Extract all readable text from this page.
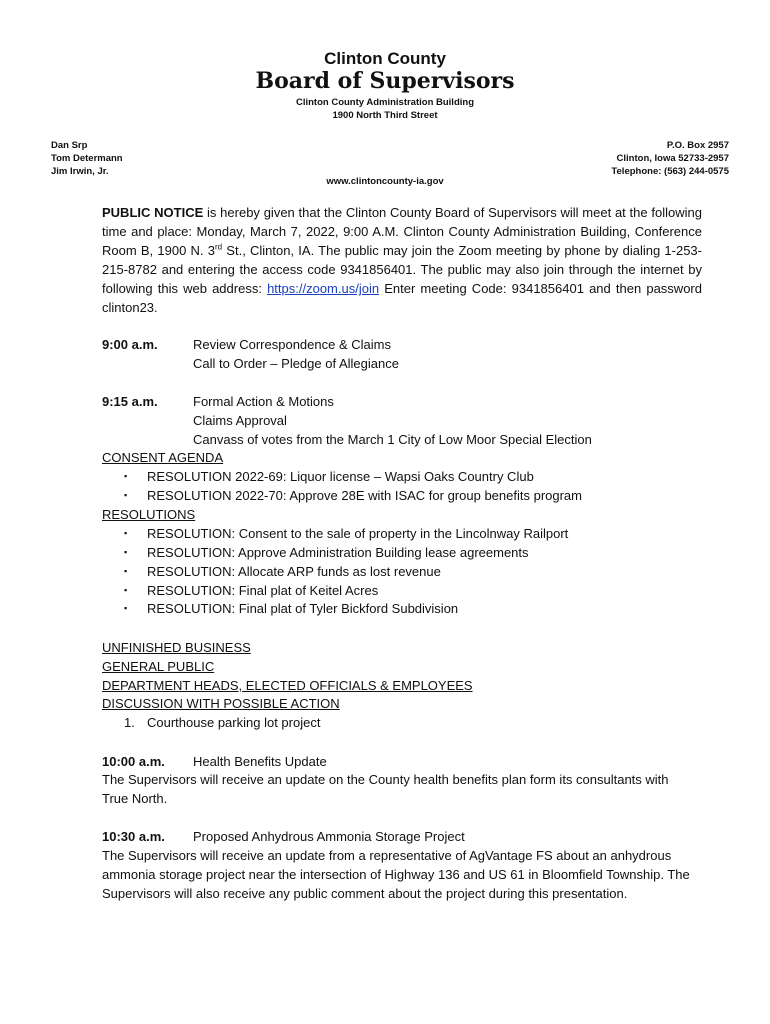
Clinton County
Board of Supervisors
Clinton County Administration Building
1900 North Third Street
Dan Srp
Tom Determann
Jim Irwin, Jr.
P.O. Box 2957
Clinton, Iowa 52733-2957
Telephone: (563) 244-0575
www.clintoncounty-ia.gov
PUBLIC NOTICE is hereby given that the Clinton County Board of Supervisors will meet at the following time and place: Monday, March 7, 2022, 9:00 A.M. Clinton County Administration Building, Conference Room B, 1900 N. 3rd St., Clinton, IA. The public may join the Zoom meeting by phone by dialing 1-253-215-8782 and entering the access code 9341856401. The public may also join through the internet by following this web address: https://zoom.us/join Enter meeting Code: 9341856401 and then password clinton23.
9:00 a.m.	Review Correspondence & Claims
Call to Order – Pledge of Allegiance
9:15 a.m.	Formal Action & Motions
Claims Approval
Canvass of votes from the March 1 City of Low Moor Special Election
CONSENT AGENDA
▪ RESOLUTION 2022-69: Liquor license – Wapsi Oaks Country Club
▪ RESOLUTION 2022-70: Approve 28E with ISAC for group benefits program
RESOLUTIONS
▪ RESOLUTION: Consent to the sale of property in the Lincolnway Railport
▪ RESOLUTION: Approve Administration Building lease agreements
▪ RESOLUTION: Allocate ARP funds as lost revenue
▪ RESOLUTION: Final plat of Keitel Acres
▪ RESOLUTION: Final plat of Tyler Bickford Subdivision
UNFINISHED BUSINESS
GENERAL PUBLIC
DEPARTMENT HEADS, ELECTED OFFICIALS & EMPLOYEES
DISCUSSION WITH POSSIBLE ACTION
1. Courthouse parking lot project
10:00 a.m.	Health Benefits Update
The Supervisors will receive an update on the County health benefits plan form its consultants with True North.
10:30 a.m.	Proposed Anhydrous Ammonia Storage Project
The Supervisors will receive an update from a representative of AgVantage FS about an anhydrous ammonia storage project near the intersection of Highway 136 and US 61 in Bloomfield Township. The Supervisors will also receive any public comment about the project during this presentation.
